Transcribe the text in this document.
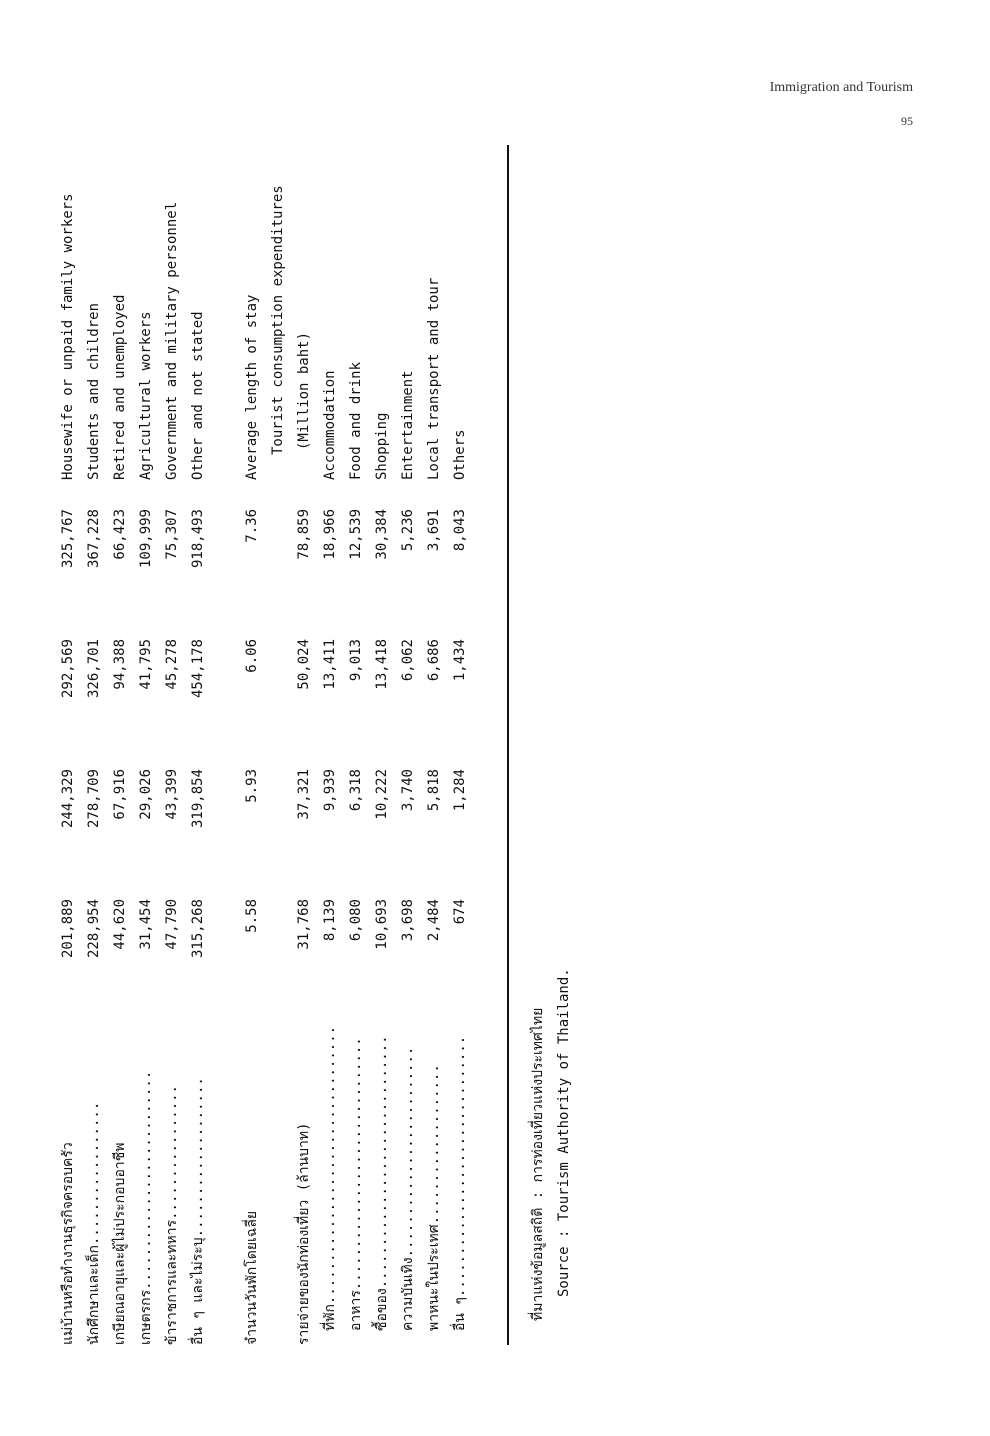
Immigration and Tourism
95
แม่บ้านหรือทำงานธุรกิจครอบครัว
201,889
244,329
292,569
325,767
Housewife or unpaid family workers
นักศึกษาและเด็ก.................
228,954
278,709
326,701
367,228
Students and children
เกษียณอายุและผู้ไม่ประกอบอาชีพ
44,620
67,916
94,388
66,423
Retired and unemployed
เกษตรกร..........................
31,454
29,026
41,795
109,999
Agricultural workers
ข้าราชการและทหาร................
47,790
43,399
45,278
75,307
Government and military personnel
อื่น ๆ และไม่ระบุ...................
315,268
319,854
454,178
918,493
Other and not stated
จำนวนวันพักโดยเฉลี่ย
5.58
5.93
6.06
7.36
Average length of stay Tourist consumption expenditures
รายจ่ายของนักท่องเที่ยว (ล้านบาท)
31,768
37,321
50,024
78,859
(Million baht)
ที่พัก.................................
8,139
9,939
13,411
18,966
Accommodation
อาหาร..............................
6,080
6,318
9,013
12,539
Food and drink
ซื้อของ..............................
10,693
10,222
13,418
30,384
Shopping
ความบันเทิง.........................
3,698
3,740
6,062
5,236
Entertainment
พาหนะในประเทศ...................
2,484
5,818
6,686
3,691
Local transport and tour
อื่น ๆ...............................
674
1,284
1,434
8,043
Others
ที่มาแห่งข้อมูลสถิติ : การท่องเที่ยวแห่งประเทศไทย Source : Tourism Authority of Thailand.
